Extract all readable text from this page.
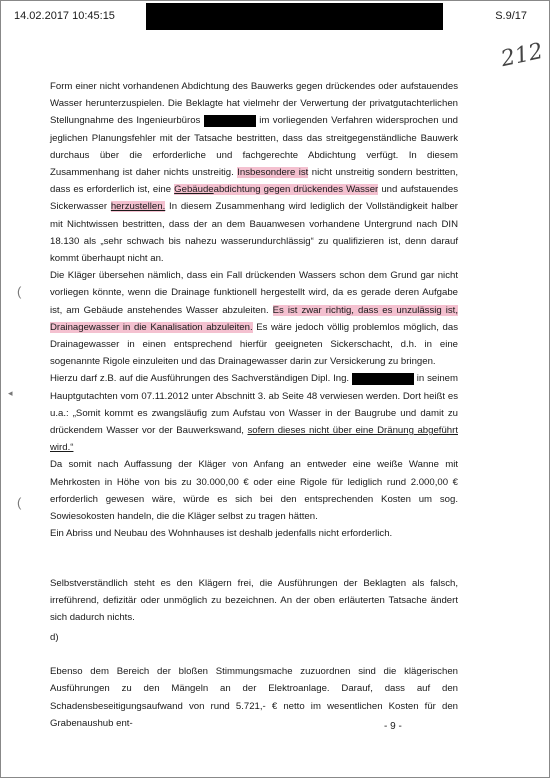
14.02.2017 10:45:15	S.9/17
212
(
◂
(

Form einer nicht vorhandenen Abdichtung des Bauwerks gegen drückendes oder aufstauendes Wasser herunterzuspielen. Die Beklagte hat vielmehr der Verwertung der privatgutachterlichen Stellungnahme des Ingenieurbüros	im vorliegenden Verfahren widersprochen und jeglichen Planungsfehler mit der Tatsache bestritten, dass das streitgegenständliche Bauwerk durchaus über die erforderliche und fachgerechte Abdichtung verfügt. In diesem Zusammenhang ist daher nichts unstreitig. Insbesondere ist nicht unstreitig sondern bestritten, dass es erforderlich ist, eine Gebäudeabdichtung gegen drückendes Wasser und aufstauendes Sickerwasser herzustellen. In diesem Zusammenhang wird lediglich der Vollständigkeit halber mit Nichtwissen bestritten, dass der an dem Bauanwesen vorhandene Untergrund nach DIN 18.130 als „sehr schwach bis nahezu wasserundurchlässig“ zu qualifizieren ist, denn darauf kommt überhaupt nicht an.

Die Kläger übersehen nämlich, dass ein Fall drückenden Wassers schon dem Grund gar nicht vorliegen könnte, wenn die Drainage funktionell hergestellt wird, da es gerade deren Aufgabe ist, am Gebäude anstehendes Wasser abzuleiten. Es ist zwar richtig, dass es unzulässig ist, Drainagewasser in die Kanalisation abzuleiten. Es wäre jedoch völlig problemlos möglich, das Drainagewasser in einen entsprechend hierfür geeigneten Sickerschacht, d.h. in eine sogenannte Rigole einzuleiten und das Drainagewasser darin zur Versickerung zu bringen.

Hierzu darf z.B. auf die Ausführungen des Sachverständigen Dipl. Ing.	in seinem Hauptgutachten vom 07.11.2012 unter Abschnitt 3. ab Seite 48 verwiesen werden. Dort heißt es u.a.: „Somit kommt es zwangsläufig zum Aufstau von Wasser in der Baugrube und damit zu drückendem Wasser vor der Bauwerkswand, sofern dieses nicht über eine Dränung abgeführt wird.“

Da somit nach Auffassung der Kläger von Anfang an entweder eine weiße Wanne mit Mehrkosten in Höhe von bis zu 30.000,00 € oder eine Rigole für lediglich rund 2.000,00 € erforderlich gewesen wäre, würde es sich bei den entsprechenden Kosten um sog. Sowiesokosten handeln, die die Kläger selbst zu tragen hätten.

Ein Abriss und Neubau des Wohnhauses ist deshalb jedenfalls nicht erforderlich.

Selbstverständlich steht es den Klägern frei, die Ausführungen der Beklagten als falsch, irreführend, defizitär oder unmöglich zu bezeichnen. An der oben erläuterten Tatsache ändert sich dadurch nichts.

d)

Ebenso dem Bereich der bloßen Stimmungsmache zuzuordnen sind die klägerischen Ausführungen zu den Mängeln an der Elektroanlage. Darauf, dass auf den Schadensbeseitigungsaufwand von rund 5.721,- € netto im wesentlichen Kosten für den Grabenaushub ent-	- 9 -
